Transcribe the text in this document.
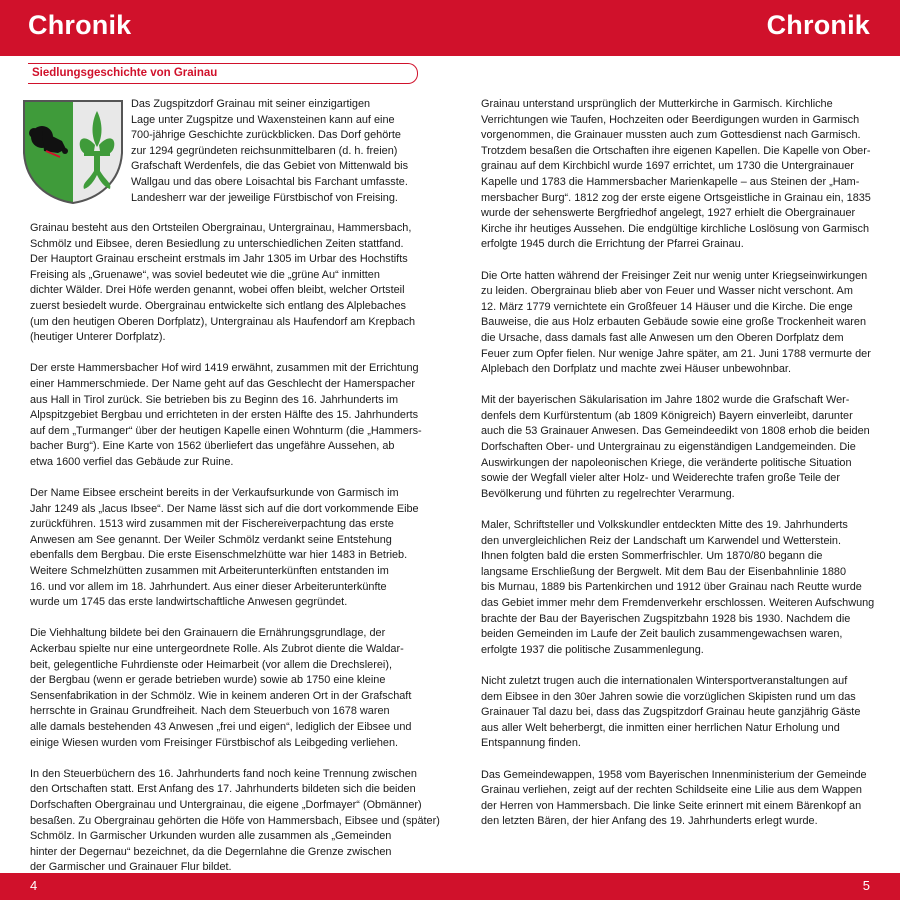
Chronik	Chronik
Siedlungsgeschichte von Grainau
Das Zugspitzdorf Grainau mit seiner einzigartigen
Lage unter Zugspitze und Waxensteinen kann auf eine
700-jährige Geschichte zurückblicken. Das Dorf gehörte
zur 1294 gegründeten reichsunmittelbaren (d. h. freien)
Grafschaft Werdenfels, die das Gebiet von Mittenwald bis
Wallgau und das obere Loisachtal bis Farchant umfasste.
Landesherr war der jeweilige Fürstbischof von Freising.

Grainau besteht aus den Ortsteilen Obergrainau, Untergrainau, Hammersbach,
Schmölz und Eibsee, deren Besiedlung zu unterschiedlichen Zeiten stattfand.
Der Hauptort Grainau erscheint erstmals im Jahr 1305 im Urbar des Hochstifts
Freising als „Gruenawe“, was soviel bedeutet wie die „grüne Au“ inmitten
dichter Wälder. Drei Höfe werden genannt, wobei offen bleibt, welcher Ortsteil
zuerst besiedelt wurde. Obergrainau entwickelte sich entlang des Alplebaches
(um den heutigen Oberen Dorfplatz), Untergrainau als Haufendorf am Krepbach
(heutiger Unterer Dorfplatz).

Der erste Hammersbacher Hof wird 1419 erwähnt, zusammen mit der Errichtung
einer Hammerschmiede. Der Name geht auf das Geschlecht der Hamerspacher
aus Hall in Tirol zurück. Sie betrieben bis zu Beginn des 16. Jahrhunderts im
Alpspitzgebiet Bergbau und errichteten in der ersten Hälfte des 15. Jahrhunderts
auf dem „Turmanger“ über der heutigen Kapelle einen Wohnturm (die „Hammers-
bacher Burg“). Eine Karte von 1562 überliefert das ungefähre Aussehen, ab
etwa 1600 verfiel das Gebäude zur Ruine.

Der Name Eibsee erscheint bereits in der Verkaufsurkunde von Garmisch im
Jahr 1249 als „lacus Ibsee“. Der Name lässt sich auf die dort vorkommende Eibe
zurückführen. 1513 wird zusammen mit der Fischereiverpachtung das erste
Anwesen am See genannt. Der Weiler Schmölz verdankt seine Entstehung
ebenfalls dem Bergbau. Die erste Eisenschmelzhütte war hier 1483 in Betrieb.
Weitere Schmelzhütten zusammen mit Arbeiterunterkünften entstanden im
16. und vor allem im 18. Jahrhundert. Aus einer dieser Arbeiterunterkünfte
wurde um 1745 das erste landwirtschaftliche Anwesen gegründet.

Die Viehhaltung bildete bei den Grainauern die Ernährungsgrundlage, der
Ackerbau spielte nur eine untergeordnete Rolle. Als Zubrot diente die Waldar-
beit, gelegentliche Fuhrdienste oder Heimarbeit (vor allem die Drechslerei),
der Bergbau (wenn er gerade betrieben wurde) sowie ab 1750 eine kleine
Sensenfabrikation in der Schmölz. Wie in keinem anderen Ort in der Grafschaft
herrschte in Grainau Grundfreiheit. Nach dem Steuerbuch von 1678 waren
alle damals bestehenden 43 Anwesen „frei und eigen“, lediglich der Eibsee und
einige Wiesen wurden vom Freisinger Fürstbischof als Leibgeding verliehen.

In den Steuerbüchern des 16. Jahrhunderts fand noch keine Trennung zwischen
den Ortschaften statt. Erst Anfang des 17. Jahrhunderts bildeten sich die beiden
Dorfschaften Obergrainau und Untergrainau, die eigene „Dorfmayer“ (Obmänner)
besaßen. Zu Obergrainau gehörten die Höfe von Hammersbach, Eibsee und (später)
Schmölz. In Garmischer Urkunden wurden alle zusammen als „Gemeinden
hinter der Degernau“ bezeichnet, da die Degernlahne die Grenze zwischen
der Garmischer und Grainauer Flur bildet.

Grainau unterstand ursprünglich der Mutterkirche in Garmisch. Kirchliche
Verrichtungen wie Taufen, Hochzeiten oder Beerdigungen wurden in Garmisch
vorgenommen, die Grainauer mussten auch zum Gottesdienst nach Garmisch.
Trotzdem besaßen die Ortschaften ihre eigenen Kapellen. Die Kapelle von Ober-
grainau auf dem Kirchbichl wurde 1697 errichtet, um 1730 die Untergrainauer
Kapelle und 1783 die Hammersbacher Marienkapelle – aus Steinen der „Ham-
mersbacher Burg“. 1812 zog der erste eigene Ortsgeistliche in Grainau ein, 1835
wurde der sehenswerte Bergfriedhof angelegt, 1927 erhielt die Obergrainauer
Kirche ihr heutiges Aussehen. Die endgültige kirchliche Loslösung von Garmisch
erfolgte 1945 durch die Errichtung der Pfarrei Grainau.

Die Orte hatten während der Freisinger Zeit nur wenig unter Kriegseinwirkungen
zu leiden. Obergrainau blieb aber von Feuer und Wasser nicht verschont. Am
12. März 1779 vernichtete ein Großfeuer 14 Häuser und die Kirche. Die enge
Bauweise, die aus Holz erbauten Gebäude sowie eine große Trockenheit waren
die Ursache, dass damals fast alle Anwesen um den Oberen Dorfplatz dem
Feuer zum Opfer fielen. Nur wenige Jahre später, am 21. Juni 1788 vermurte der
Alplebach den Dorfplatz und machte zwei Häuser unbewohnbar.

Mit der bayerischen Säkularisation im Jahre 1802 wurde die Grafschaft Wer-
denfels dem Kurfürstentum (ab 1809 Königreich) Bayern einverleibt, darunter
auch die 53 Grainauer Anwesen. Das Gemeindeedikt von 1808 erhob die beiden
Dorfschaften Ober- und Untergrainau zu eigenständigen Landgemeinden. Die
Auswirkungen der napoleonischen Kriege, die veränderte politische Situation
sowie der Wegfall vieler alter Holz- und Weiderechte trafen große Teile der
Bevölkerung und führten zu regelrechter Verarmung.

Maler, Schriftsteller und Volkskundler entdeckten Mitte des 19. Jahrhunderts
den unvergleichlichen Reiz der Landschaft um Karwendel und Wetterstein.
Ihnen folgten bald die ersten Sommerfrischler. Um 1870/80 begann die
langsame Erschließung der Bergwelt. Mit dem Bau der Eisenbahnlinie 1880
bis Murnau, 1889 bis Partenkirchen und 1912 über Grainau nach Reutte wurde
das Gebiet immer mehr dem Fremdenverkehr erschlossen. Weiteren Aufschwung
brachte der Bau der Bayerischen Zugspitzbahn 1928 bis 1930. Nachdem die
beiden Gemeinden im Laufe der Zeit baulich zusammengewachsen waren,
erfolgte 1937 die politische Zusammenlegung.

Nicht zuletzt trugen auch die internationalen Wintersportveranstaltungen auf
dem Eibsee in den 30er Jahren sowie die vorzüglichen Skipisten rund um das
Grainauer Tal dazu bei, dass das Zugspitzdorf Grainau heute ganzjährig Gäste
aus aller Welt beherbergt, die inmitten einer herrlichen Natur Erholung und
Entspannung finden.

Das Gemeindewappen, 1958 vom Bayerischen Innenministerium der Gemeinde
Grainau verliehen, zeigt auf der rechten Schildseite eine Lilie aus dem Wappen
der Herren von Hammersbach. Die linke Seite erinnert mit einem Bärenkopf an
den letzten Bären, der hier Anfang des 19. Jahrhunderts erlegt wurde.

4	5
